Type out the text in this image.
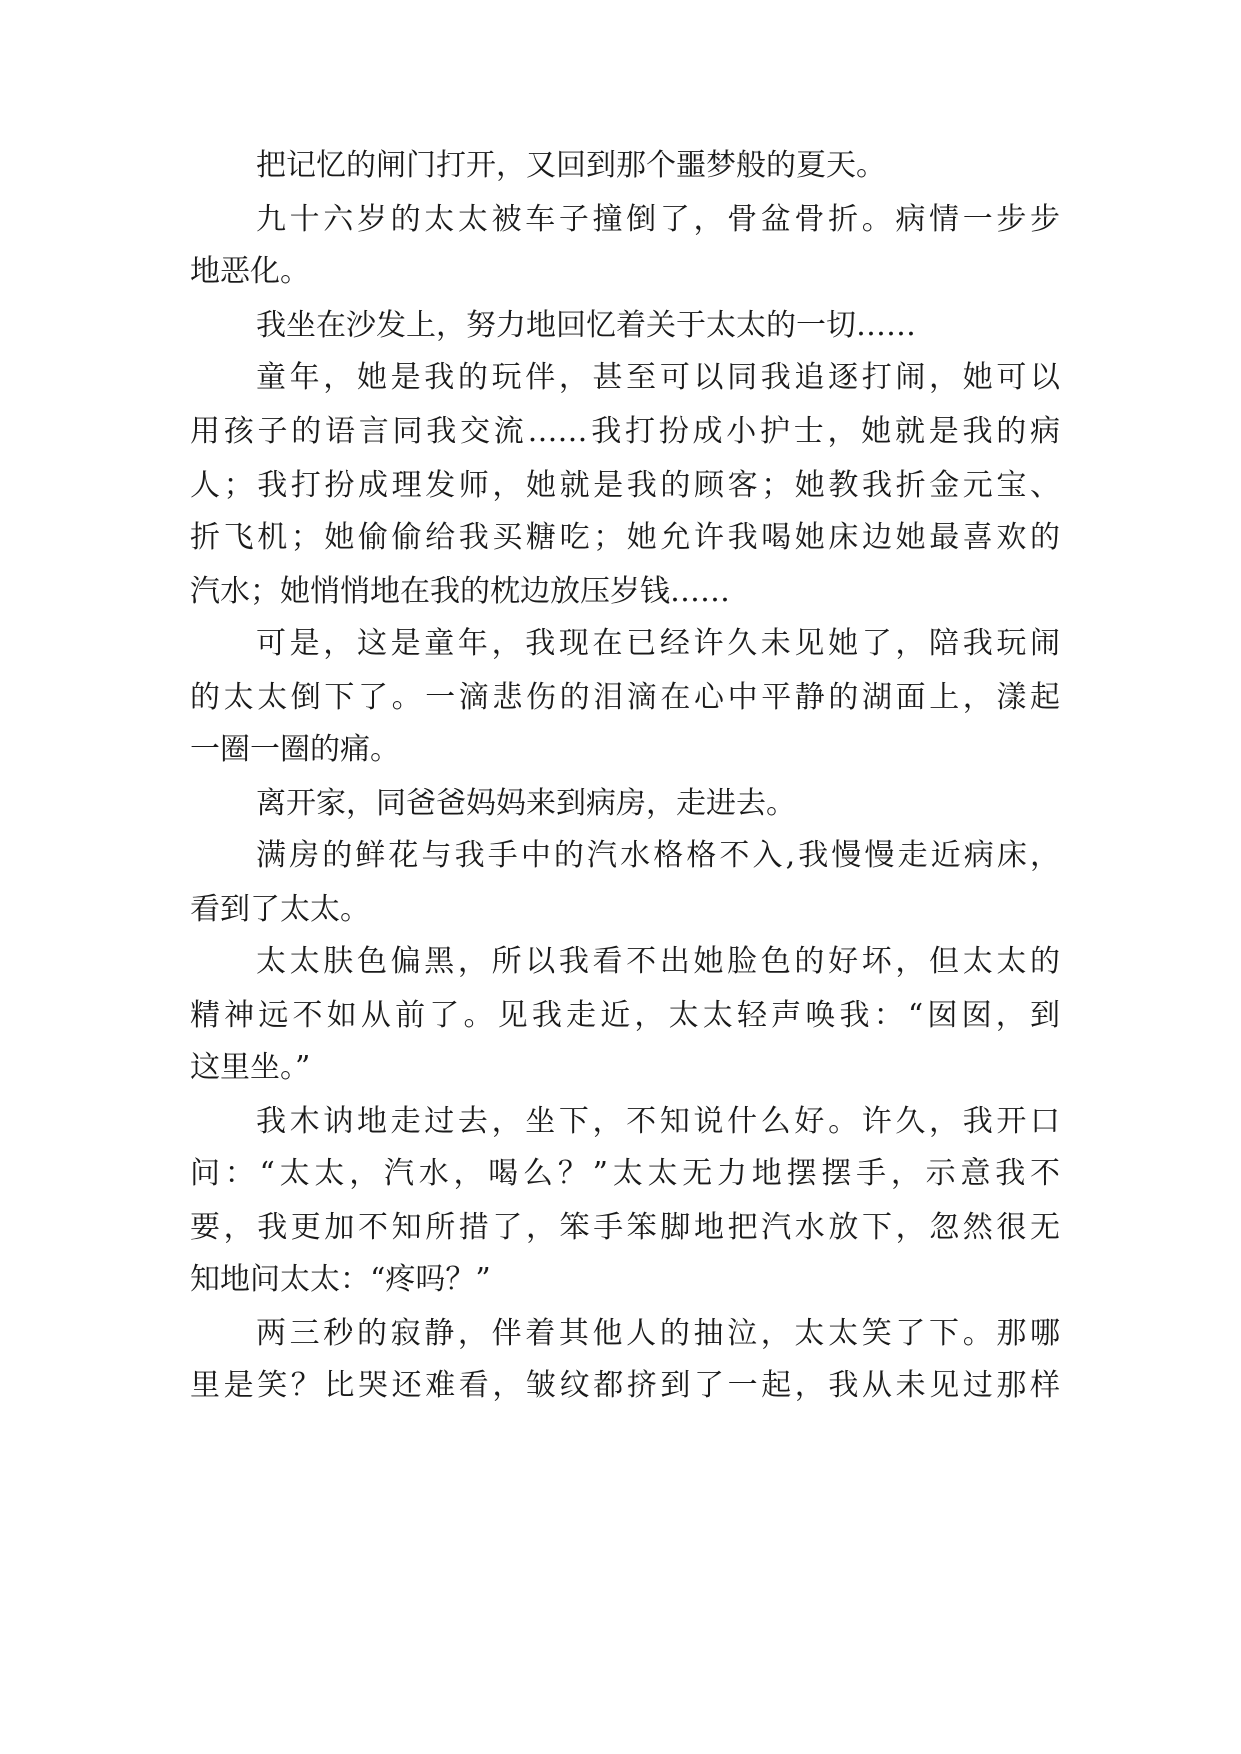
把记忆的闸门打开，又回到那个噩梦般的夏天。
九十六岁的太太被车子撞倒了，骨盆骨折。病情一步步
地恶化。
我坐在沙发上，努力地回忆着关于太太的一切……
童年，她是我的玩伴，甚至可以同我追逐打闹，她可以
用孩子的语言同我交流……我打扮成小护士，她就是我的病
人；我打扮成理发师，她就是我的顾客；她教我折金元宝、
折飞机；她偷偷给我买糖吃；她允许我喝她床边她最喜欢的
汽水；她悄悄地在我的枕边放压岁钱……
可是，这是童年，我现在已经许久未见她了，陪我玩闹
的太太倒下了。一滴悲伤的泪滴在心中平静的湖面上，漾起
一圈一圈的痛。
离开家，同爸爸妈妈来到病房，走进去。
满房的鲜花与我手中的汽水格格不入,我慢慢走近病床，
看到了太太。
太太肤色偏黑，所以我看不出她脸色的好坏，但太太的
精神远不如从前了。见我走近，太太轻声唤我：“囡囡，到
这里坐。”
我木讷地走过去，坐下，不知说什么好。许久，我开口
问：“太太，汽水，喝么？”太太无力地摆摆手，示意我不
要，我更加不知所措了，笨手笨脚地把汽水放下，忽然很无
知地问太太：“疼吗？”
两三秒的寂静，伴着其他人的抽泣，太太笑了下。那哪
里是笑？比哭还难看，皱纹都挤到了一起，我从未见过那样
